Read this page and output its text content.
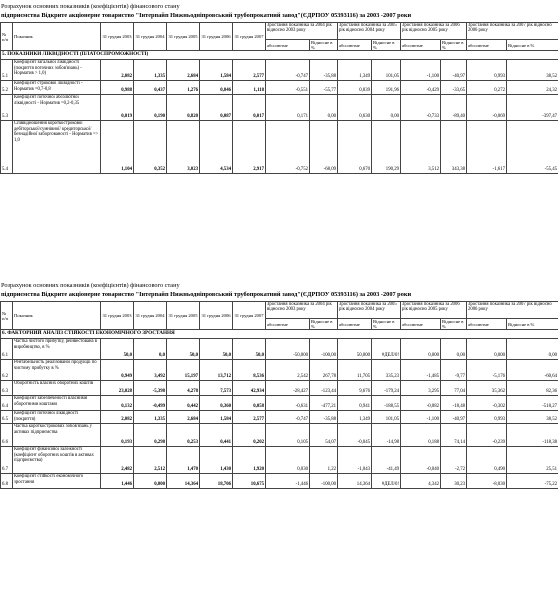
Розрахунок основних показників (коефіцієнтів) фінансового стану
підприємства Відкрите акціонерне товариство "Інтерпайп Нижньодніпровський трубопрокатний завод"(ЄДРПОУ 05393116) за 2003 -2007 роки
№ п/п	Показник	31 грудня 2003	31 грудня 2004	31 грудня 2005	31 грудня 2006	31 грудня 2007	Зростання показника за 2004 рік відносно 2003 року		Зростання показника за 2005 рік відносно 2004 року		Зростання показника за 2006 рік відносно 2005 року		Зростання показника за 2007 рік відносно 2006 року	
							абсолютне	Відносне в %	абсолютне	Відносне в %	абсолютне	Відносне в %	абсолютне	Відносне в %
5. ПОКАЗНИКИ ЛІКВІДНОСТІ (ПЛАТОСПРОМОЖНОСТІ)														
5.1	Коефіцієнт загальної ліквідності (покриття поточних зобов'язань) - Норматив > 1,0)	2,082	1,335	2,684	1,584	2,577	-0,747	-35,88	1,349	101,05	-1,100	-40,97	0,993	38,52
5.2	Коефіцієнт строкової ліквідності - Норматив =0,7-0,8	0,988	0,437	1,276	0,846	1,118	-0,551	-55,77	0,839	191,96	-0,429	-33,65	0,272	24,32
5.3	Коефіцієнт поточної абсолютної ліквідності - Норматив =0,2-0,35	0,019	0,190	0,820	0,087	0,017	0,171	0,00	0,630	0,00	-0,733	-89,40	-0,069	-397,47
5.4	Співвідношення короткострокової дебіторської/сумнівної/ кредиторської/безнадійної заборгованості - Норматив => 1,0	1,104	0,352	3,023	4,534	2,917	-0,752	-68,09	0,670	190,29	3,512	343,38	-1,617	-55,45
Розрахунок основних показників (коефіцієнтів) фінансового стану
підприємства Відкрите акціонерне товариство "Інтерпайп Нижньодніпровський трубопрокатний завод"(ЄДРПОУ 05393116) за 2003 -2007 роки
№ п/п	Показник	31 грудня 2003	31 грудня 2004	31 грудня 2005	31 грудня 2006	31 грудня 2007	Зростання показника за 2004 рік відносно 2003 року		Зростання показника за 2005 рік відносно 2004 року		Зростання показника за 2006 рік відносно 2005 року		Зростання показника за 2007 рік відносно 2006 року	
							абсолютне	Відносне в %	абсолютне	Відносне в %	абсолютне	Відносне в %	абсолютне	Відносне в %
6. ФАКТОРНИЙ АНАЛІЗ СТІЙКОСТІ ЕКОНОМІЧНОГО ЗРОСТАННЯ														
6.1	Частка чистого прибутку, реінвестована в виробництво, в %	50,0	0,0	50,0	50,0	50,0	-50,000	-100,00	50,000	#ДЕЛ/0!	0,000	0,00	0,000	0,00
6.2	Рентабельність реалізованої продукції по чистому прибутку в %	0,949	3,492	15,197	13,712	8,536	2,542	267,78	11,705	335,23	-1,485	-9,77	-5,176	-60,64
6.3	Оборотність власних оборотних коштів	23,028	-5,398	4,278	7,573	42,934	-28,427	-123,44	9,676	-179,24	3,295	77,04	35,362	82,36
6.4	Коефіцієнт забезпеченості власними оборотними коштами	0,132	-0,499	0,442	0,360	0,058	-0,631	-477,21	0,941	-188,55	-0,082	-18,48	-0,302	-518,27
6.5	Коефіцієнт поточної ліквідності (покриття)	2,082	1,335	2,684	1,584	2,577	-0,747	-35,88	1,349	101,05	-1,100	-40,97	0,993	38,52
6.6	Частка короткострокових зобов'язань у активах підприємства	0,193	0,298	0,253	0,441	0,202	0,105	54,07	-0,045	-14,98	0,188	74,14	-0,239	-118,38
6.7	Коефіцієнт фінансової залежності (коефіцієнт оборотних коштів в активах підприємства)	2,482	2,512	1,470	1,430	1,920	0,030	1,22	-1,043	-41,49	-0,040	-2,72	0,490	25,51
6.8	Коефіцієнт стійкості економічного зростання	1,446	0,000	14,364	18,706	10,675	-1,446	-100,00	14,364	#ДЕЛ/0!	4,342	30,23	-8,030	-75,22
